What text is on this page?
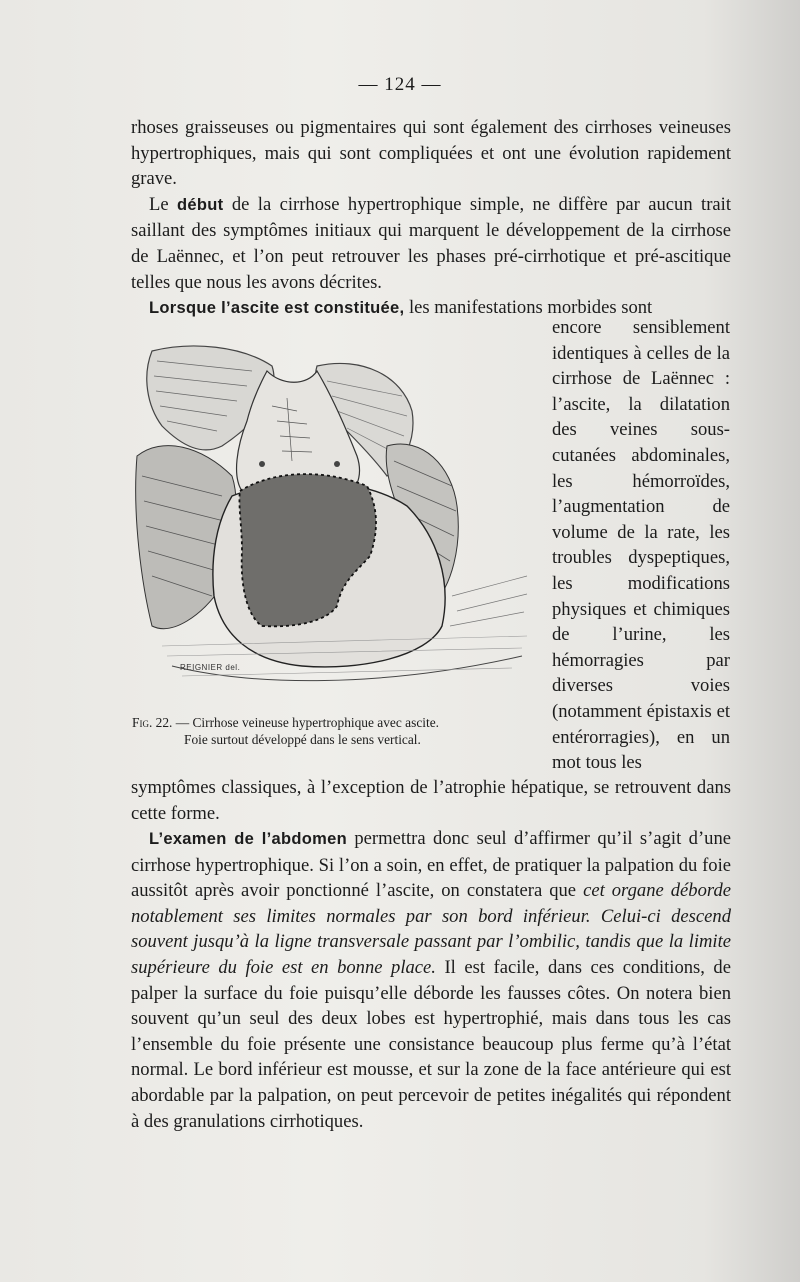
— 124 —

rhoses graisseuses ou pigmentaires qui sont également des cirrhoses veineuses hypertrophiques, mais qui sont compliquées et ont une évolution rapidement grave.

Le début de la cirrhose hypertrophique simple, ne diffère par aucun trait saillant des symptômes initiaux qui marquent le développement de la cirrhose de Laënnec, et l’on peut retrouver les phases pré-cirrhotique et pré-ascitique telles que nous les avons décrites.

Lorsque l’ascite est constituée, les manifestations morbides sont

encore sensiblement identiques à celles de la cirrhose de Laënnec : l’ascite, la dilatation des veines sous-cutanées abdominales, les hémorroïdes, l’augmentation de volume de la rate, les troubles dyspeptiques, les modifications physiques et chimiques de l’urine, les hémorragies par diverses voies (notamment épistaxis et entérorragies), en un mot tous les

REIGNIER del.
Fig. 22. — Cirrhose veineuse hypertrophique avec ascite.
Foie surtout développé dans le sens vertical.

symptômes classiques, à l’exception de l’atrophie hépatique, se retrouvent dans cette forme.

L’examen de l’abdomen permettra donc seul d’affirmer qu’il s’agit d’une cirrhose hypertrophique. Si l’on a soin, en effet, de pratiquer la palpation du foie aussitôt après avoir ponctionné l’ascite, on constatera que cet organe déborde notablement ses limites normales par son bord inférieur. Celui-ci descend souvent jusqu’à la ligne transversale passant par l’ombilic, tandis que la limite supérieure du foie est en bonne place. Il est facile, dans ces conditions, de palper la surface du foie puisqu’elle déborde les fausses côtes. On notera bien souvent qu’un seul des deux lobes est hypertrophié, mais dans tous les cas l’ensemble du foie présente une consistance beaucoup plus ferme qu’à l’état normal. Le bord inférieur est mousse, et sur la zone de la face antérieure qui est abordable par la palpation, on peut percevoir de petites inégalités qui répondent à des granulations cirrhotiques.
